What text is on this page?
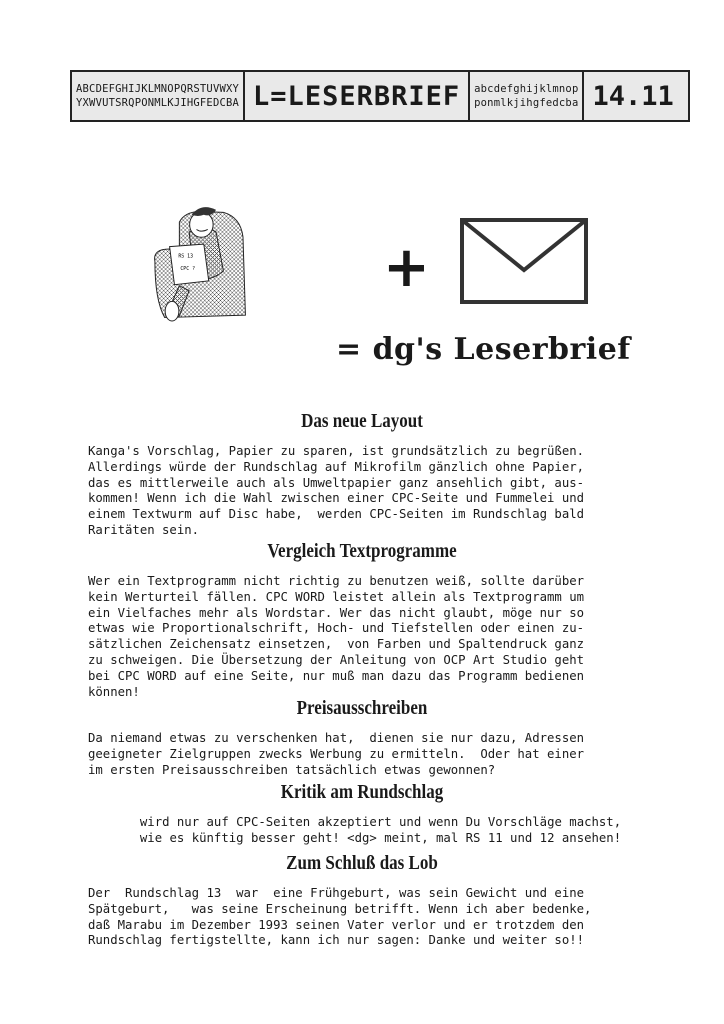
ABCDEFGHIJKLMNOPQRSTUVWXY
YXWVUTSRQPONMLKJIHGFEDCBA L=LESERBRIEF	abcdefghijklmnop
ponmlkjihgfedcba 14.11
RS 13
CPC ?	+
= dg's Leserbrief
Das neue Layout
Kanga's Vorschlag, Papier zu sparen, ist grundsätzlich zu begrüßen.
Allerdings würde der Rundschlag auf Mikrofilm gänzlich ohne Papier,
das es mittlerweile auch als Umweltpapier ganz ansehlich gibt, aus-
kommen! Wenn ich die Wahl zwischen einer CPC-Seite und Fummelei und
einem Textwurm auf Disc habe,  werden CPC-Seiten im Rundschlag bald
Raritäten sein.
Vergleich Textprogramme
Wer ein Textprogramm nicht richtig zu benutzen weiß, sollte darüber
kein Werturteil fällen. CPC WORD leistet allein als Textprogramm um
ein Vielfaches mehr als Wordstar. Wer das nicht glaubt, möge nur so
etwas wie Proportionalschrift, Hoch- und Tiefstellen oder einen zu-
sätzlichen Zeichensatz einsetzen,  von Farben und Spaltendruck ganz
zu schweigen. Die Übersetzung der Anleitung von OCP Art Studio geht
bei CPC WORD auf eine Seite, nur muß man dazu das Programm bedienen
können!
Preisausschreiben
Da niemand etwas zu verschenken hat,  dienen sie nur dazu, Adressen
geeigneter Zielgruppen zwecks Werbung zu ermitteln.  Oder hat einer
im ersten Preisausschreiben tatsächlich etwas gewonnen?
Kritik am Rundschlag
wird nur auf CPC-Seiten akzeptiert und wenn Du Vorschläge machst,
wie es künftig besser geht! <dg> meint, mal RS 11 und 12 ansehen!
Zum Schluß das Lob
Der  Rundschlag 13  war  eine Frühgeburt, was sein Gewicht und eine
Spätgeburt,   was seine Erscheinung betrifft. Wenn ich aber bedenke,
daß Marabu im Dezember 1993 seinen Vater verlor und er trotzdem den
Rundschlag fertigstellte, kann ich nur sagen: Danke und weiter so!!
